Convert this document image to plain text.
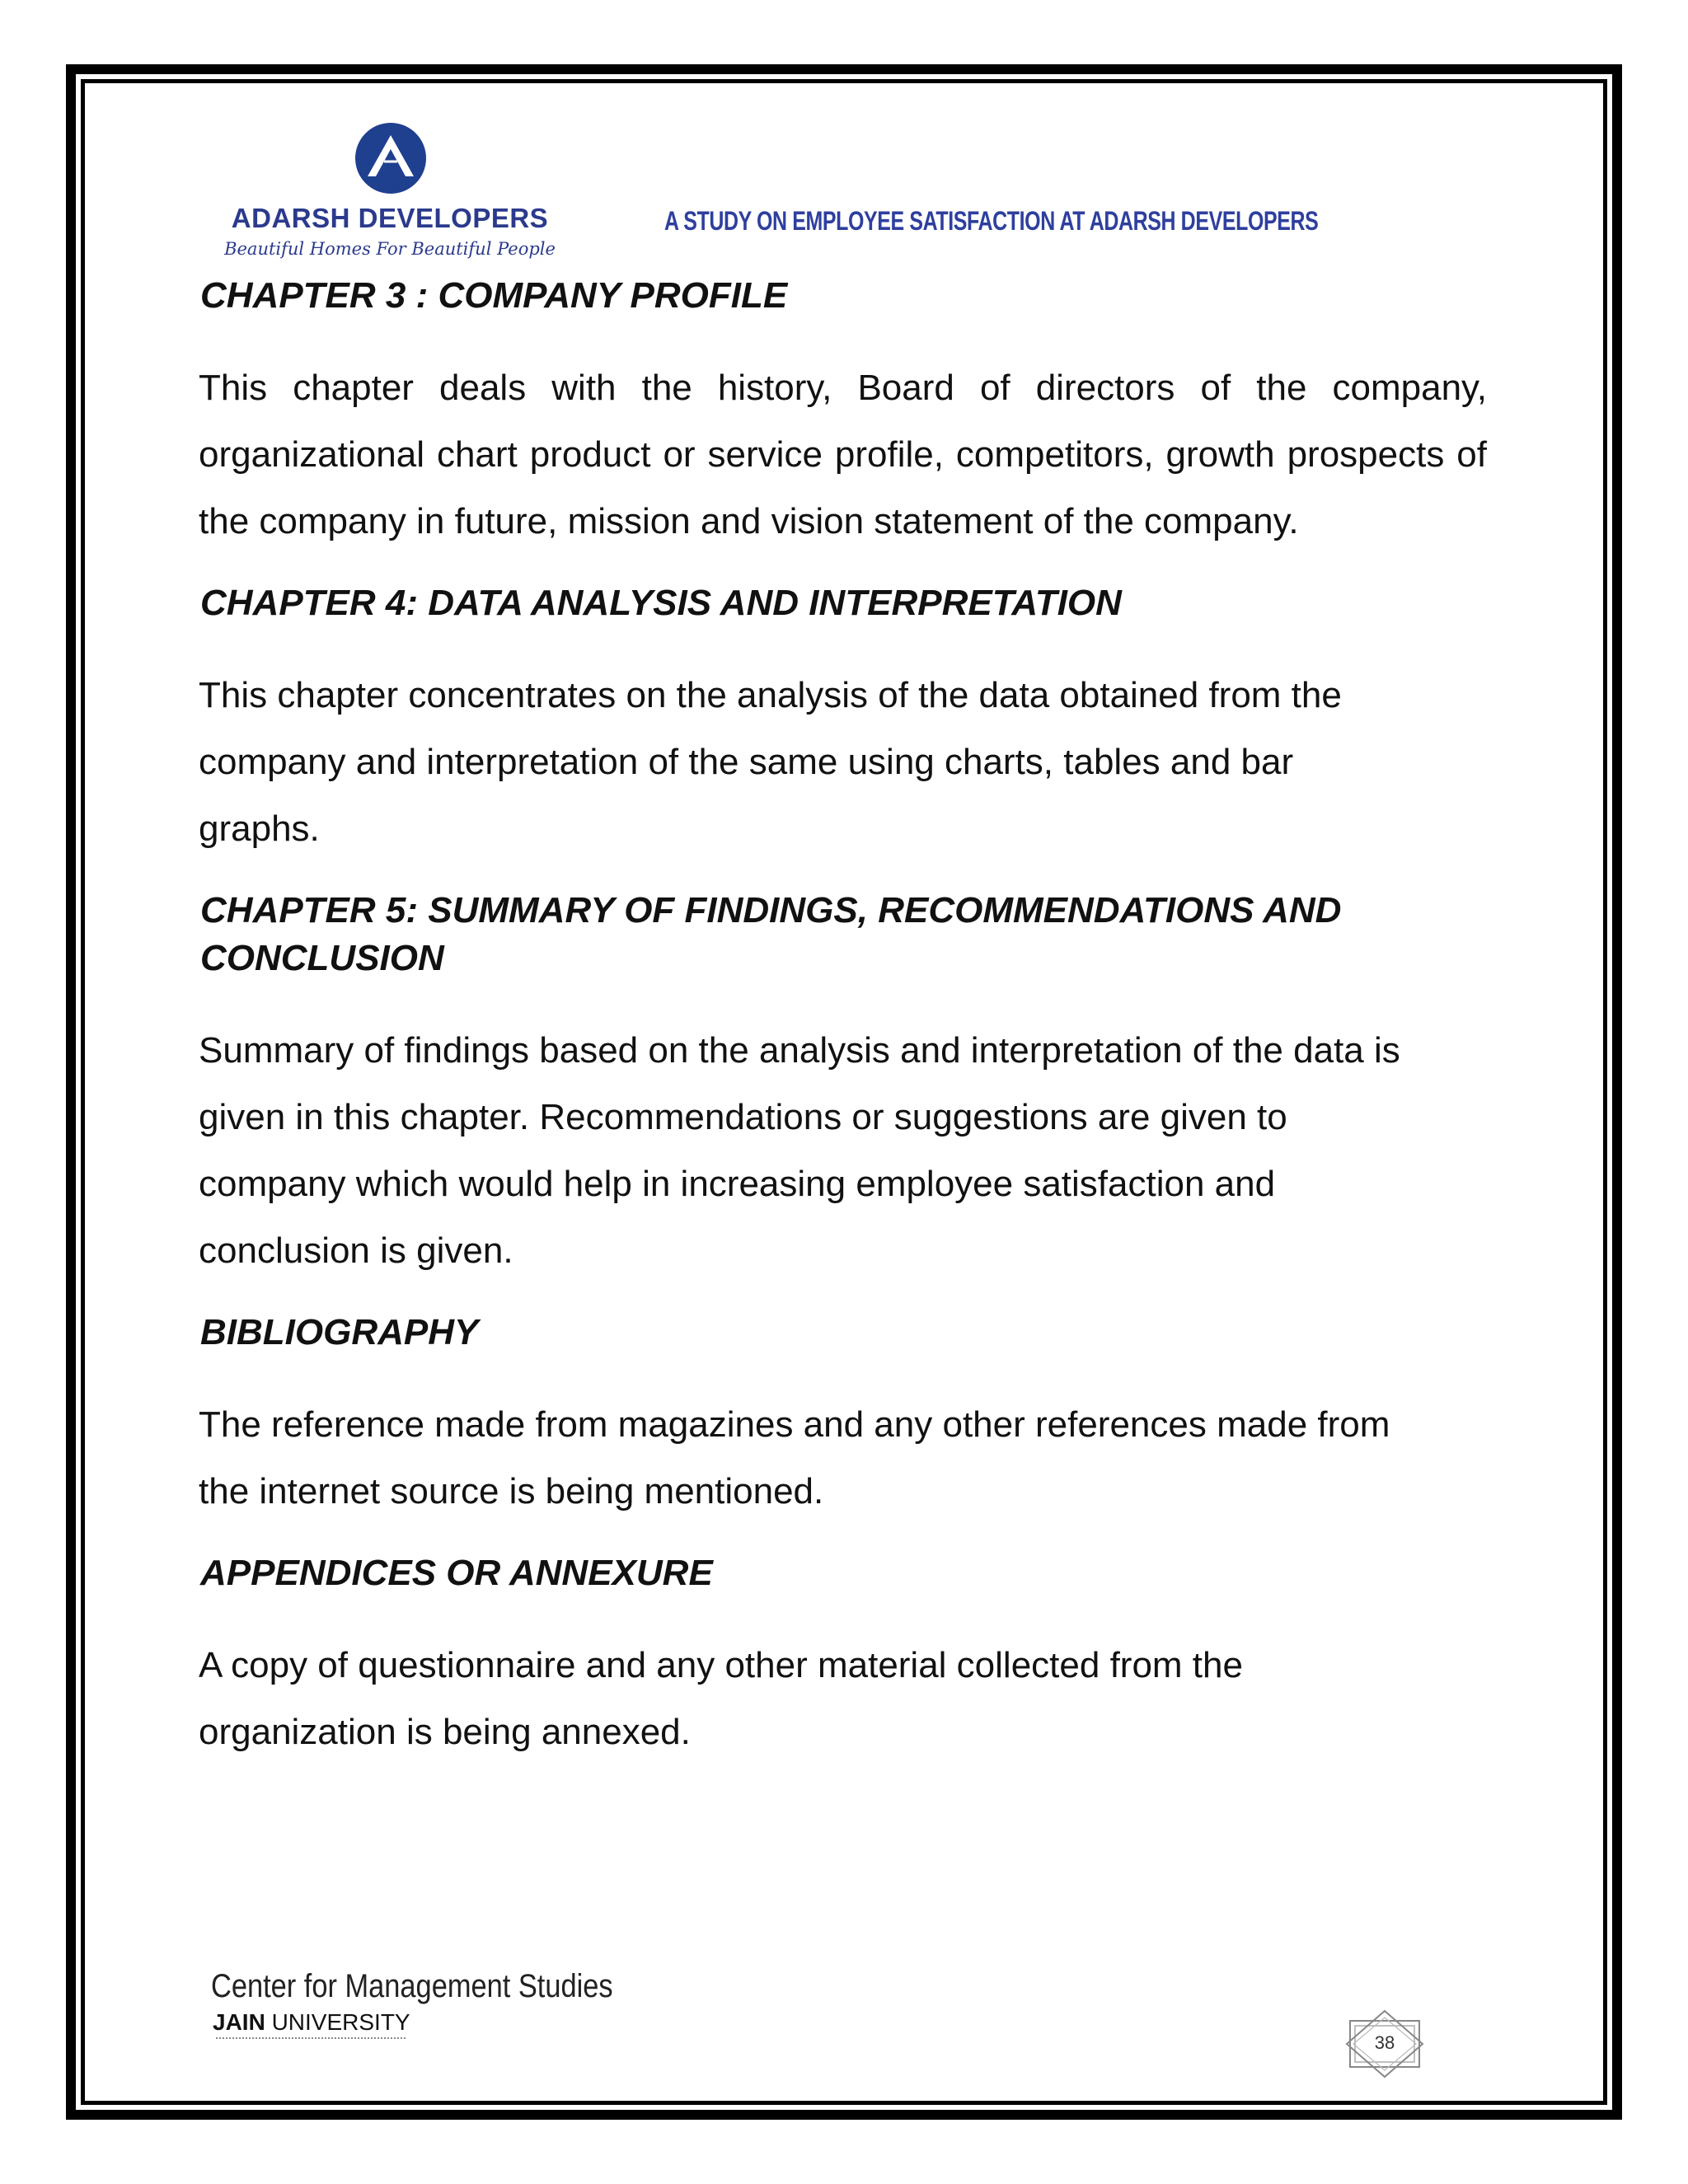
ADARSH DEVELOPERS
Beautiful Homes For Beautiful People
A STUDY ON EMPLOYEE SATISFACTION AT ADARSH DEVELOPERS
CHAPTER 3 : COMPANY PROFILE

This chapter deals with the history, Board of directors of the company, organizational chart product or service profile, competitors, growth prospects of the company in future, mission and vision statement of the company.

CHAPTER 4: DATA ANALYSIS AND INTERPRETATION

This chapter concentrates on the analysis of the data obtained from the
company and interpretation of the same using charts, tables and bar
graphs.

CHAPTER 5: SUMMARY OF FINDINGS, RECOMMENDATIONS AND
CONCLUSION

Summary of findings based on the analysis and interpretation of the data is
given in this chapter. Recommendations or suggestions are given to
company which would help in increasing employee satisfaction and
conclusion is given.

BIBLIOGRAPHY

The reference made from magazines and any other references made from
the internet source is being mentioned.

APPENDICES OR ANNEXURE

A copy of questionnaire and any other material collected from the
organization is being annexed.

Center for Management Studies
JAIN UNIVERSITY
38
